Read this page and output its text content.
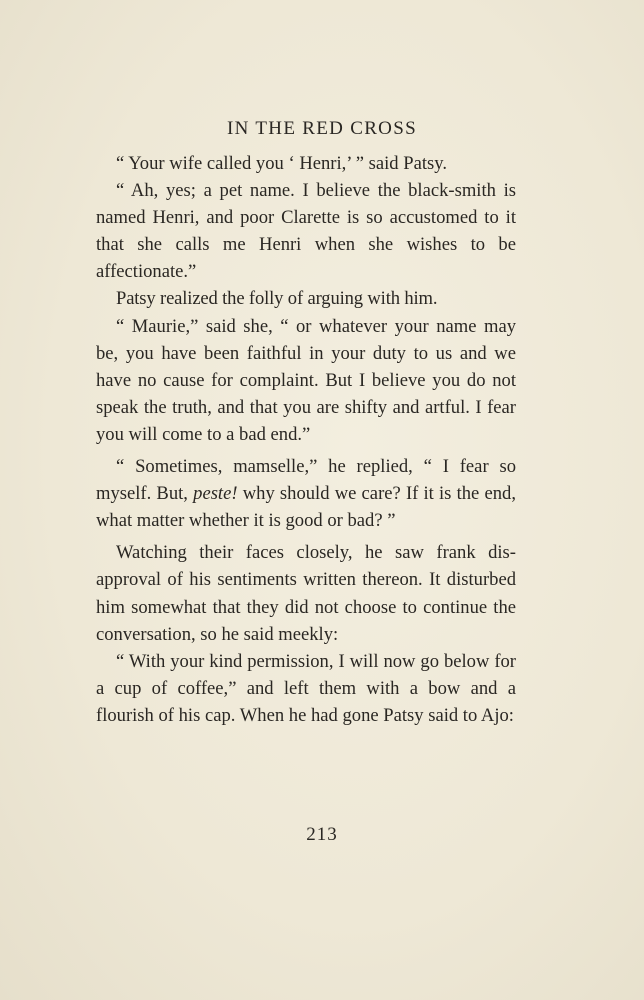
IN THE RED CROSS

“ Your wife called you ‘ Henri,’ ” said Patsy.

“ Ah, yes; a pet name. I believe the black-smith is named Henri, and poor Clarette is so accustomed to it that she calls me Henri when she wishes to be affectionate.”

Patsy realized the folly of arguing with him.

“ Maurie,” said she, “ or whatever your name may be, you have been faithful in your duty to us and we have no cause for complaint. But I believe you do not speak the truth, and that you are shifty and artful. I fear you will come to a bad end.”

“ Sometimes, mamselle,” he replied, “ I fear so myself. But, peste! why should we care? If it is the end, what matter whether it is good or bad? ”

Watching their faces closely, he saw frank dis-approval of his sentiments written thereon. It disturbed him somewhat that they did not choose to continue the conversation, so he said meekly:

“ With your kind permission, I will now go below for a cup of coffee,” and left them with a bow and a flourish of his cap. When he had gone Patsy said to Ajo:

213
